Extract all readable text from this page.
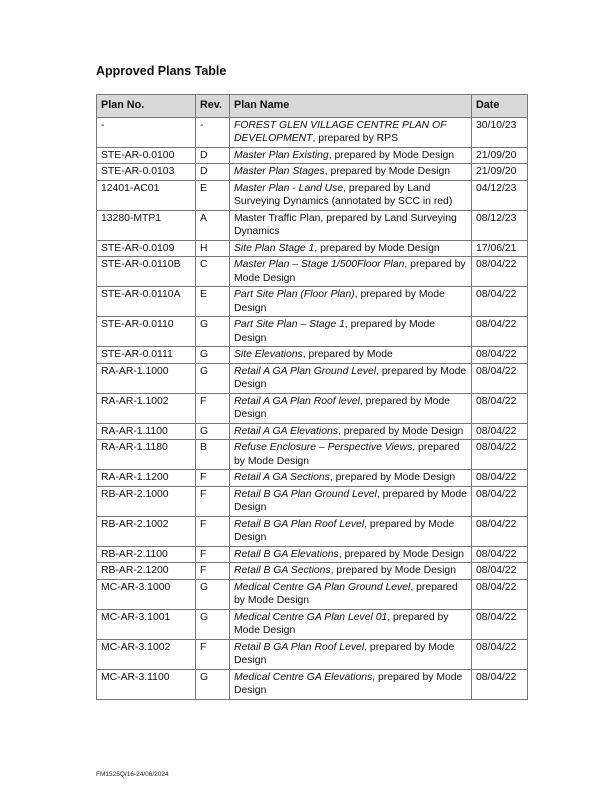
Approved Plans Table
Plan No.	Rev.	Plan Name	Date
-	-	FOREST GLEN VILLAGE CENTRE PLAN OF DEVELOPMENT, prepared by RPS	30/10/23
STE-AR-0.0100	D	Master Plan Existing, prepared by Mode Design	21/09/20
STE-AR-0.0103	D	Master Plan Stages, prepared by Mode Design	21/09/20
12401-AC01	E	Master Plan - Land Use, prepared by Land Surveying Dynamics (annotated by SCC in red)	04/12/23
13280-MTP1	A	Master Traffic Plan, prepared by Land Surveying Dynamics	08/12/23
STE-AR-0.0109	H	Site Plan Stage 1, prepared by Mode Design	17/06/21
STE-AR-0.0110B	C	Master Plan – Stage 1/500Floor Plan, prepared by Mode Design	08/04/22
STE-AR-0.0110A	E	Part Site Plan (Floor Plan), prepared by Mode Design	08/04/22
STE-AR-0.0110	G	Part Site Plan – Stage 1, prepared by Mode Design	08/04/22
STE-AR-0.0111	G	Site Elevations, prepared by Mode	08/04/22
RA-AR-1.1000	G	Retail A GA Plan Ground Level, prepared by Mode Design	08/04/22
RA-AR-1.1002	F	Retail A GA Plan Roof level, prepared by Mode Design	08/04/22
RA-AR-1.1100	G	Retail A GA Elevations, prepared by Mode Design	08/04/22
RA-AR-1.1180	B	Refuse Enclosure – Perspective Views, prepared by Mode Design	08/04/22
RA-AR-1.1200	F	Retail A GA Sections, prepared by Mode Design	08/04/22
RB-AR-2.1000	F	Retail B GA Plan Ground Level, prepared by Mode Design	08/04/22
RB-AR-2.1002	F	Retail B GA Plan Roof Level, prepared by Mode Design	08/04/22
RB-AR-2.1100	F	Retail B GA Elevations, prepared by Mode Design	08/04/22
RB-AR-2.1200	F	Retail B GA Sections, prepared by Mode Design	08/04/22
MC-AR-3.1000	G	Medical Centre GA Plan Ground Level, prepared by Mode Design	08/04/22
MC-AR-3.1001	G	Medical Centre GA Plan Level 01, prepared by Mode Design	08/04/22
MC-AR-3.1002	F	Retail B GA Plan Roof Level, prepared by Mode Design	08/04/22
MC-AR-3.1100	G	Medical Centre GA Elevations, prepared by Mode Design	08/04/22
FM1525Q/16-24/06/2024
